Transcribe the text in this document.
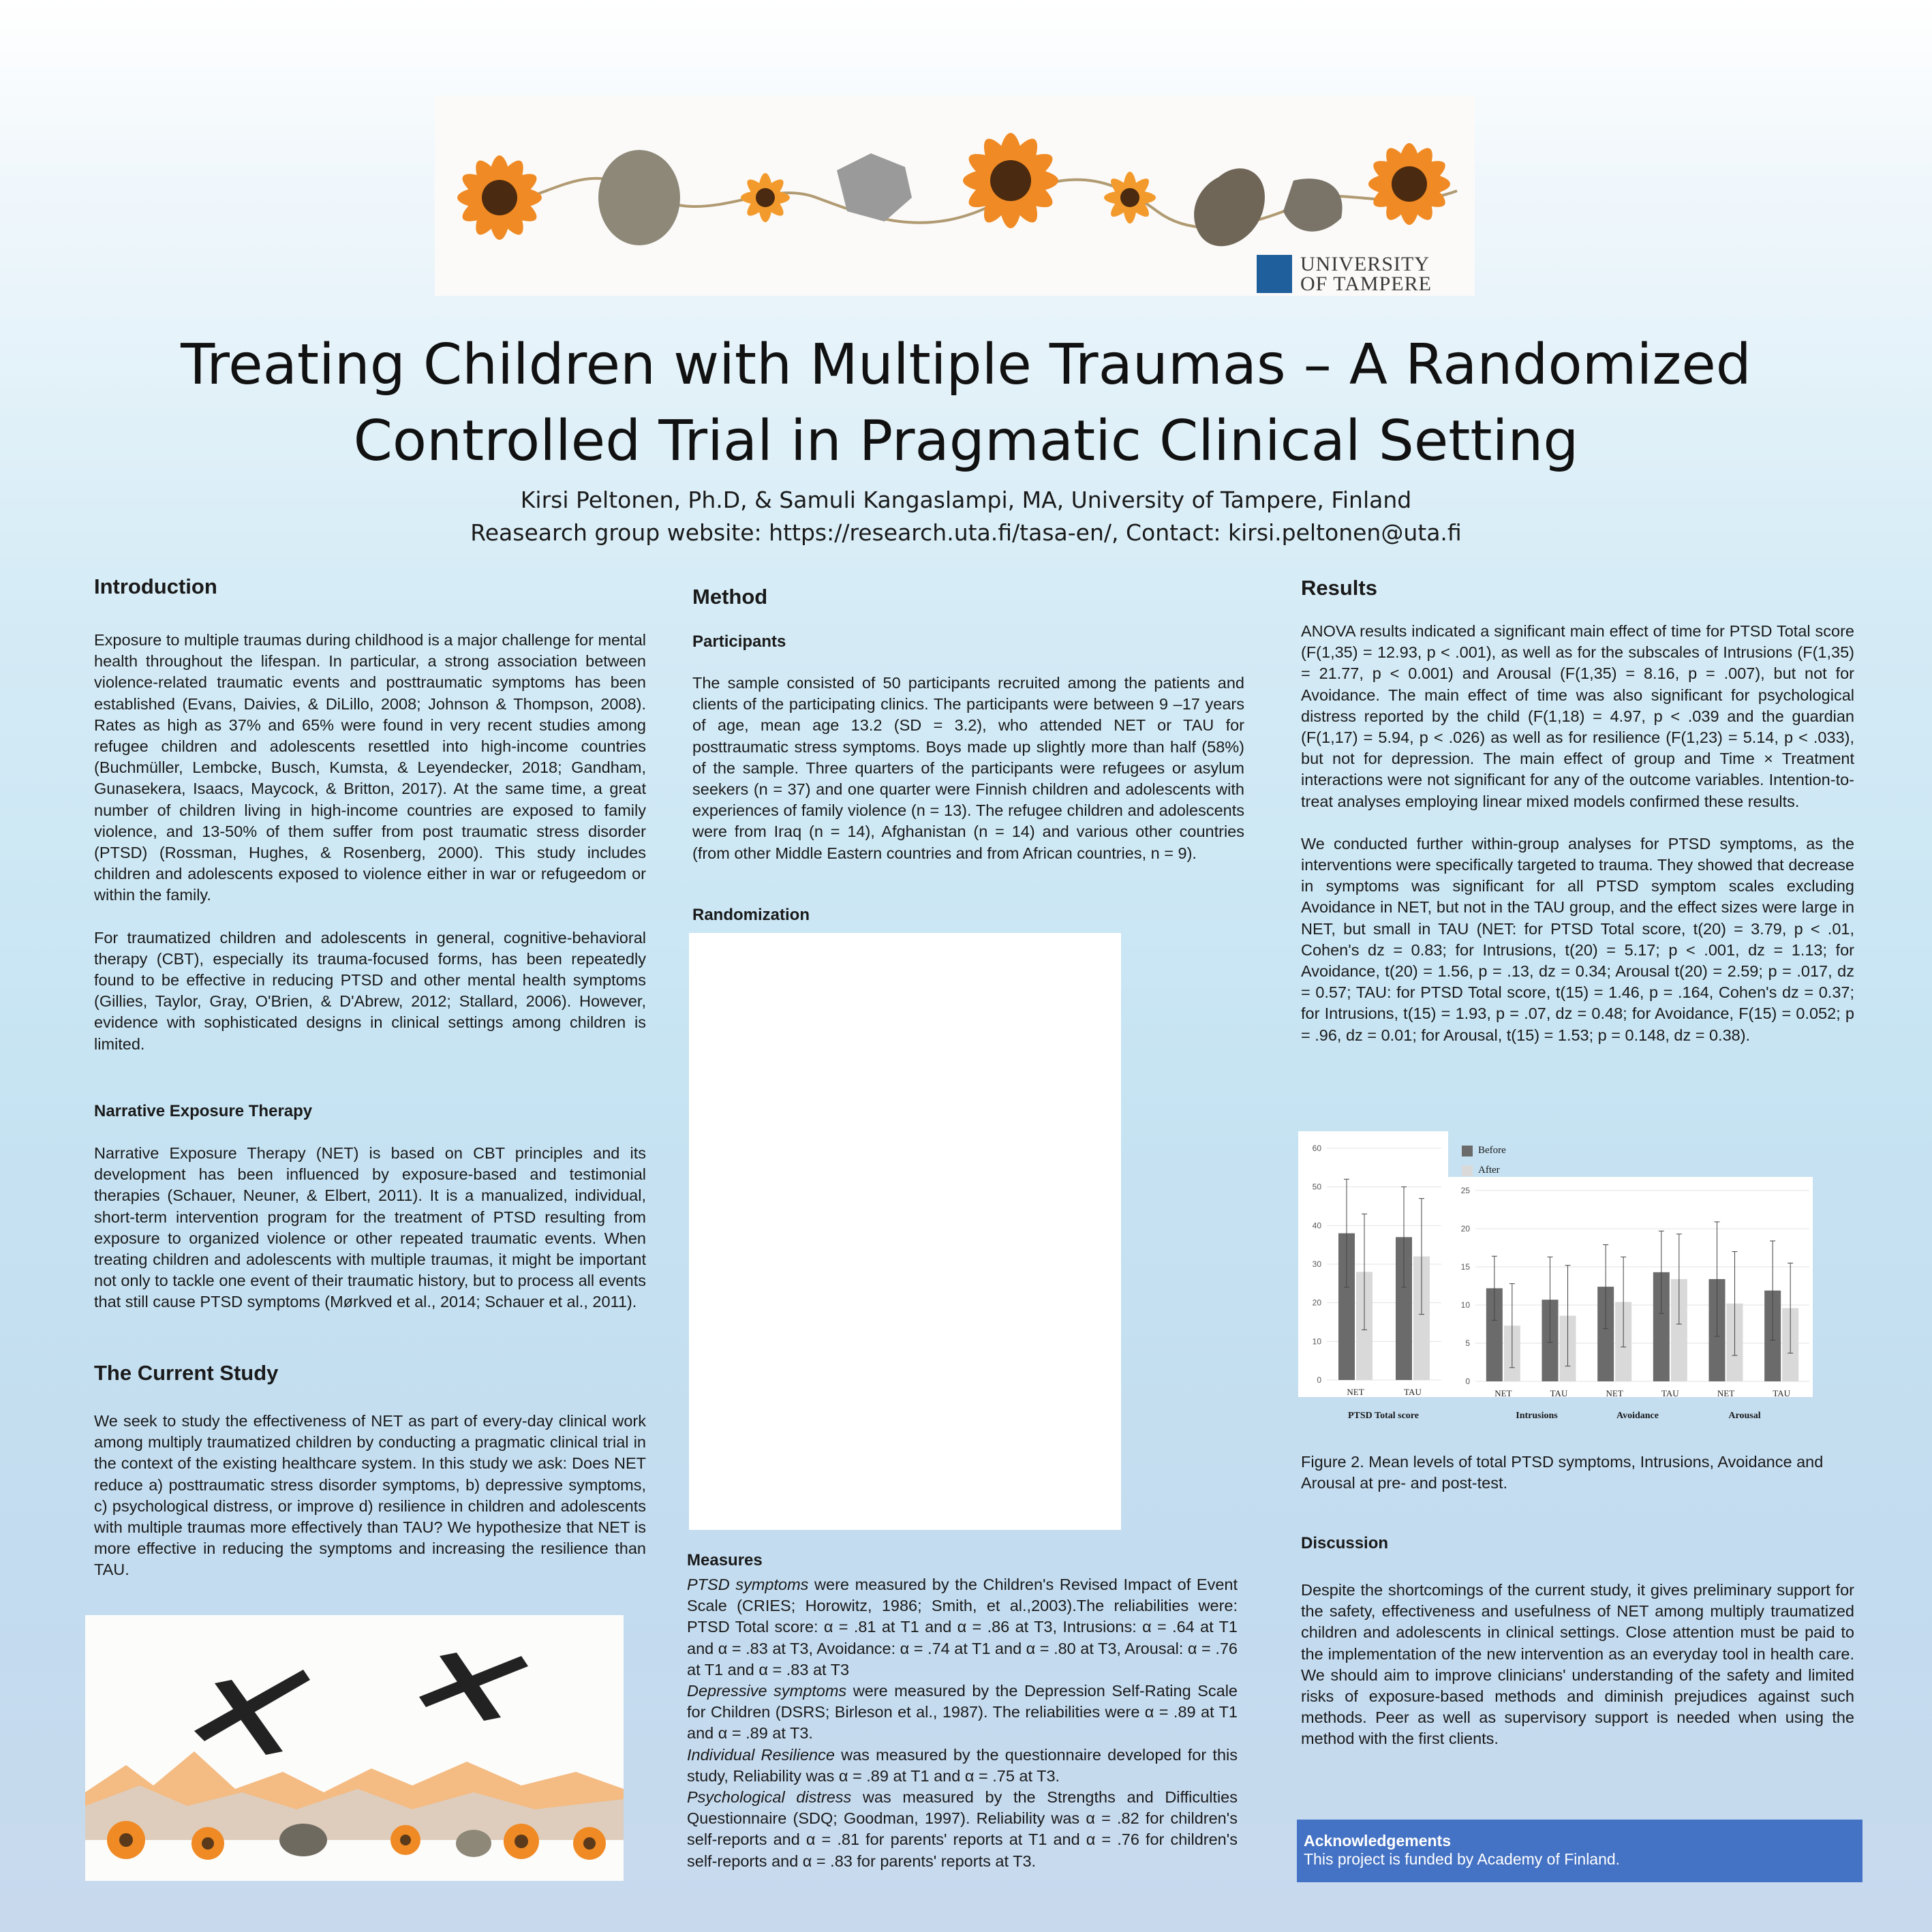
UNIVERSITY
OF TAMPERE
Treating Children with Multiple Traumas – A Randomized
Controlled Trial in Pragmatic Clinical Setting
Kirsi Peltonen, Ph.D, & Samuli Kangaslampi, MA, University of Tampere, Finland
Reasearch group website: https://research.uta.fi/tasa-en/, Contact: kirsi.peltonen@uta.fi
Introduction

Exposure to multiple traumas during childhood is a major challenge for mental health throughout the lifespan. In particular, a strong association between violence-related traumatic events and posttraumatic symptoms has been established (Evans, Daivies, & DiLillo, 2008; Johnson & Thompson, 2008). Rates as high as 37% and 65% were found in very recent studies among refugee children and adolescents resettled into high-income countries (Buchmüller, Lembcke, Busch, Kumsta, & Leyendecker, 2018; Gandham, Gunasekera, Isaacs, Maycock, & Britton, 2017). At the same time, a great number of children living in high-income countries are exposed to family violence, and 13-50% of them suffer from post traumatic stress disorder (PTSD) (Rossman, Hughes, & Rosenberg, 2000). This study includes children and adolescents exposed to violence either in war or refugeedom or within the family.

For traumatized children and adolescents in general, cognitive-behavioral therapy (CBT), especially its trauma-focused forms, has been repeatedly found to be effective in reducing PTSD and other mental health symptoms (Gillies, Taylor, Gray, O'Brien, & D'Abrew, 2012; Stallard, 2006). However, evidence with sophisticated designs in clinical settings among children is limited.

Narrative Exposure Therapy
Narrative Exposure Therapy (NET) is based on CBT principles and its development has been influenced by exposure-based and testimonial therapies (Schauer, Neuner, & Elbert, 2011). It is a manualized, individual, short-term intervention program for the treatment of PTSD resulting from exposure to organized violence or other repeated traumatic events. When treating children and adolescents with multiple traumas, it might be important not only to tackle one event of their traumatic history, but to process all events that still cause PTSD symptoms (Mørkved et al., 2014; Schauer et al., 2011).
The Current Study
We seek to study the effectiveness of NET as part of every-day clinical work among multiply traumatized children by conducting a pragmatic clinical trial in the context of the existing healthcare system. In this study we ask: Does NET reduce a) posttraumatic stress disorder symptoms, b) depressive symptoms, c) psychological distress, or improve d) resilience in children and adolescents with multiple traumas more effectively than TAU? We hypothesize that NET is more effective in reducing the symptoms and increasing the resilience than TAU.
Method
Participants
The sample consisted of 50 participants recruited among the patients and clients of the participating clinics. The participants were between 9 –17 years of age, mean age 13.2 (SD = 3.2), who attended NET or TAU for posttraumatic stress symptoms. Boys made up slightly more than half (58%) of the sample. Three quarters of the participants were refugees or asylum seekers (n = 37) and one quarter were Finnish children and adolescents with experiences of family violence (n = 13). The refugee children and adolescents were from Iraq (n = 14), Afghanistan (n = 14) and various other countries (from other Middle Eastern countries and from African countries, n = 9).
Randomization
Measures
PTSD symptoms were measured by the Children's Revised Impact of Event Scale (CRIES; Horowitz, 1986; Smith, et al.,2003).The reliabilities were: PTSD Total score: α = .81 at T1 and α = .86 at T3, Intrusions: α = .64 at T1 and α = .83 at T3, Avoidance: α = .74 at T1 and α = .80 at T3, Arousal: α = .76 at T1 and α = .83 at T3
Depressive symptoms were measured by the Depression Self-Rating Scale for Children (DSRS; Birleson et al., 1987). The reliabilities were α = .89 at T1 and α = .89 at T3.
Individual Resilience was measured by the questionnaire developed for this study, Reliability was α = .89 at T1 and α = .75 at T3.
Psychological distress was measured by the Strengths and Difficulties Questionnaire (SDQ; Goodman, 1997). Reliability was α = .82 for children's self-reports and α = .81 for parents' reports at T1 and α = .76 for children's self-reports and α = .83 for parents' reports at T3.
Results

ANOVA results indicated a significant main effect of time for PTSD Total score (F(1,35) = 12.93, p < .001), as well as for the subscales of Intrusions (F(1,35) = 21.77, p < 0.001) and Arousal (F(1,35) = 8.16, p = .007), but not for Avoidance. The main effect of time was also significant for psychological distress reported by the child (F(1,18) = 4.97, p < .039 and the guardian (F(1,17) = 5.94, p < .026) as well as for resilience (F(1,23) = 5.14, p < .033), but not for depression. The main effect of group and Time × Treatment interactions were not significant for any of the outcome variables. Intention-to-treat analyses employing linear mixed models confirmed these results.

We conducted further within-group analyses for PTSD symptoms, as the interventions were specifically targeted to trauma. They showed that decrease in symptoms was significant for all PTSD symptom scales excluding Avoidance in NET, but not in the TAU group, and the effect sizes were large in NET, but small in TAU (NET: for PTSD Total score, t(20) = 3.79, p < .01, Cohen's dz = 0.83; for Intrusions, t(20) = 5.17; p < .001, dz = 1.13; for Avoidance, t(20) = 1.56, p = .13, dz = 0.34; Arousal t(20) = 2.59; p = .017, dz = 0.57; TAU: for PTSD Total score, t(15) = 1.46, p = .164, Cohen's dz = 0.37; for Intrusions, t(15) = 1.93, p = .07, dz = 0.48; for Avoidance, F(15) = 0.052; p = .96, dz = 0.01; for Arousal, t(15) = 1.53; p = 0.148, dz = 0.38).

0
10
20
30
40
50
60
NET	TAU
PTSD Total score
0
5
10
15
20
25
NET	TAU	NET	TAU	NET	TAU
Before
After
Intrusions	Avoidance	Arousal
Figure 2. Mean levels of total PTSD symptoms, Intrusions, Avoidance and Arousal at pre- and post-test.
Discussion
Despite the shortcomings of the current study, it gives preliminary support for the safety, effectiveness and usefulness of NET among multiply traumatized children and adolescents in clinical settings. Close attention must be paid to the implementation of the new intervention as an everyday tool in health care. We should aim to improve clinicians' understanding of the safety and limited risks of exposure-based methods and diminish prejudices against such methods. Peer as well as supervisory support is needed when using the method with the first clients.
Acknowledgements
This project is funded by Academy of Finland.
